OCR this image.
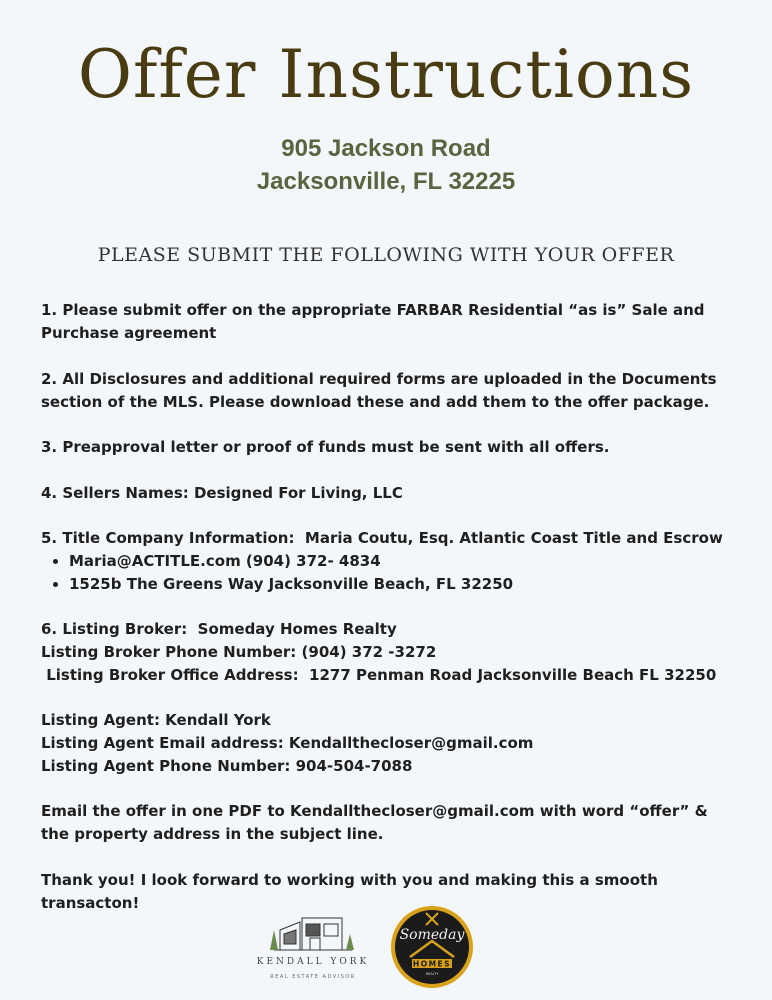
Offer Instructions
905 Jackson Road
Jacksonville, FL 32225
PLEASE SUBMIT THE FOLLOWING WITH YOUR OFFER
1. Please submit offer on the appropriate FARBAR Residential “as is” Sale and Purchase agreement
2. All Disclosures and additional required forms are uploaded in the Documents section of the MLS. Please download these and add them to the offer package.
3. Preapproval letter or proof of funds must be sent with all offers.
4. Sellers Names: Designed For Living, LLC
5. Title Company Information:  Maria Coutu, Esq. Atlantic Coast Title and Escrow
• Maria@ACTITLE.com (904) 372- 4834
• 1525b The Greens Way Jacksonville Beach, FL 32250
6. Listing Broker:  Someday Homes Realty
Listing Broker Phone Number: (904) 372 -3272
Listing Broker Office Address:  1277 Penman Road Jacksonville Beach FL 32250
Listing Agent: Kendall York
Listing Agent Email address: Kendallthecloser@gmail.com
Listing Agent Phone Number: 904-504-7088
Email the offer in one PDF to Kendallthecloser@gmail.com with word “offer” &  the property address in the subject line.
Thank you! I look forward to working with you and making this a smooth transacton!
KENDALL YORK
REAL ESTATE ADVISOR
Someday
HOMES
REALTY
